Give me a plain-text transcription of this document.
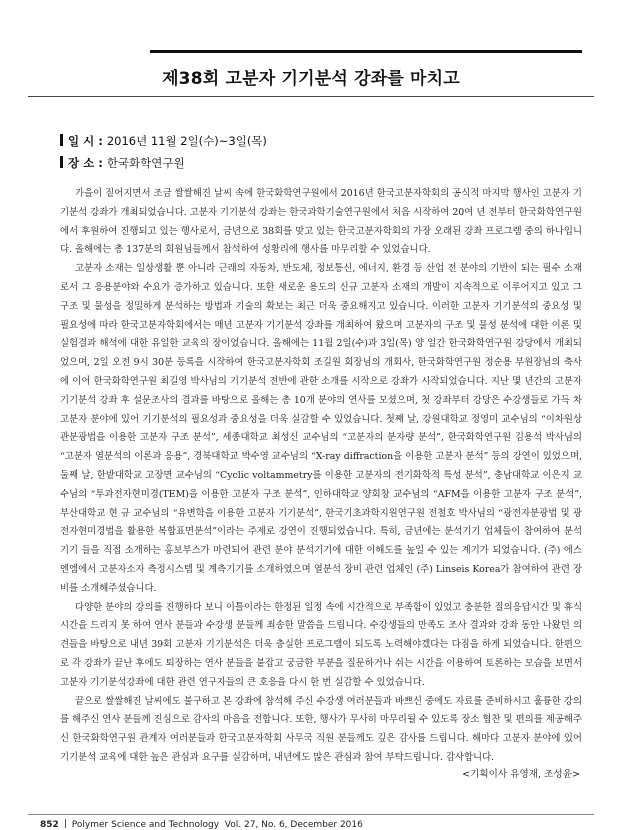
제38회 고분자 기기분석 강좌를 마치고
일 시 : 2016년 11월 2일(수)~3일(목)
장 소 : 한국화학연구원

가을이 짙어지면서 조금 쌀쌀해진 날씨 속에 한국화학연구원에서 2016년 한국고분자학회의 공식적 마지막 행사인 고분자 기기분석 강좌가 개최되었습니다. 고분자 기기분석 강좌는 한국과학기술연구원에서 처음 시작하여 20여 년 전부터 한국화학연구원에서 후원하여 진행되고 있는 행사로서, 금년으로 38회를 맞고 있는 한국고분자학회의 가장 오래된 강좌 프로그램 중의 하나입니다. 올해에는 총 137분의 회원님들께서 참석하여 성황리에 행사를 마무리할 수 있었습니다.

고분자 소재는 일상생활 뿐 아니라 근래의 자동차, 반도체, 정보통신, 에너지, 환경 등 산업 전 분야의 기반이 되는 필수 소재로서 그 응용분야와 수요가 증가하고 있습니다. 또한 새로운 용도의 신규 고분자 소재의 개발이 지속적으로 이루어지고 있고 그 구조 및 물성을 정밀하게 분석하는 방법과 기술의 확보는 최근 더욱 중요해지고 있습니다. 이러한 고분자 기기분석의 중요성 및 필요성에 따라 한국고분자학회에서는 매년 고분자 기기분석 강좌를 개최하여 왔으며 고분자의 구조 및 물성 분석에 대한 이론 및 실험결과 해석에 대한 유일한 교육의 장이었습니다. 올해에는 11월 2일(수)과 3일(목) 양 일간 한국화학연구원 강당에서 개최되었으며, 2일 오전 9시 30분 등록을 시작하여 한국고분자학회 조길원 회장님의 개회사, 한국화학연구원 정순용 부원장님의 축사에 이어 한국화학연구원 최길영 박사님의 기기분석 전반에 관한 소개를 시작으로 강좌가 시작되었습니다. 지난 몇 년간의 고분자 기기분석 강좌 후 설문조사의 결과를 바탕으로 올해는 총 10개 분야의 연사를 모셨으며, 첫 강좌부터 강당은 수강생들로 가득 차 고분자 분야에 있어 기기분석의 필요성과 중요성을 더욱 실감할 수 있었습니다. 첫째 날, 강원대학교 정영미 교수님의 “이차원상관분광법을 이용한 고분자 구조 분석”, 세종대학교 최성신 교수님의 “고분자의 분자량 분석”, 한국화학연구원 김용석 박사님의 “고분자 열분석의 이론과 응용”, 경북대학교 박수영 교수님의 “X-ray diffraction을 이용한 고분자 분석” 등의 강연이 있었으며, 둘째 날, 한밭대학교 고장면 교수님의 “Cyclic voltammetry를 이용한 고분자의 전기화학적 특성 분석”, 충남대학교 이은지 교수님의 “투과전자현미경(TEM)을 이용한 고분자 구조 분석”, 인하대학교 양회창 교수님의 “AFM을 이용한 고분자 구조 분석”, 부산대학교 현 규 교수님의 “유변학을 이용한 고분자 기기분석”, 한국기초과학지원연구원 전철호 박사님의 “광전자분광법 및 광전자현미경법을 활용한 복합표면분석”이라는 주제로 강연이 진행되었습니다. 특히, 금년에는 분석기기 업체들이 참여하여 분석기기 들을 직접 소개하는 홍보부스가 마련되어 관련 분야 분석기기에 대한 이해도를 높일 수 있는 계기가 되었습니다. (주) 에스엔엠에서 고분자소자 측정시스템 및 계측기기를 소개하였으며 열분석 장비 관련 업체인 (주) Linseis Korea가 참여하여 관련 장비를 소개해주셨습니다.

다양한 분야의 강의를 진행하다 보니 이틀이라는 한정된 일정 속에 시간적으로 부족함이 있었고 충분한 질의응답시간 및 휴식시간을 드리지 못 하여 연사 분들과 수강생 분들께 죄송한 말씀을 드립니다. 수강생들의 만족도 조사 결과와 강좌 동안 나왔던 의견들을 바탕으로 내년 39회 고분자 기기분석은 더욱 충실한 프로그램이 되도록 노력해야겠다는 다짐을 하게 되었습니다. 한편으로 각 강좌가 끝난 후에도 퇴장하는 연사 분들을 붙잡고 궁금한 부분을 질문하거나 쉬는 시간을 이용하여 토론하는 모습을 보면서 고분자 기기분석강좌에 대한 관련 연구자들의 큰 호응을 다시 한 번 실감할 수 있었습니다.

끝으로 쌀쌀해진 날씨에도 불구하고 본 강좌에 참석해 주신 수강생 여러분들과 바쁘신 중에도 자료를 준비하시고 훌륭한 강의를 해주신 연사 분들께 진심으로 감사의 마음을 전합니다. 또한, 행사가 무사히 마무리될 수 있도록 장소 협찬 및 편의를 제공해주신 한국화학연구원 관계자 여러분들과 한국고분자학회 사무국 직원 분들께도 깊은 감사를 드립니다. 해마다 고분자 분야에 있어 기기분석 교육에 대한 높은 관심과 요구를 실감하며, 내년에도 많은 관심과 참여 부탁드립니다. 감사합니다.

<기획이사 유영재, 조성윤>
852 Polymer Science and Technology Vol. 27, No. 6, December 2016
